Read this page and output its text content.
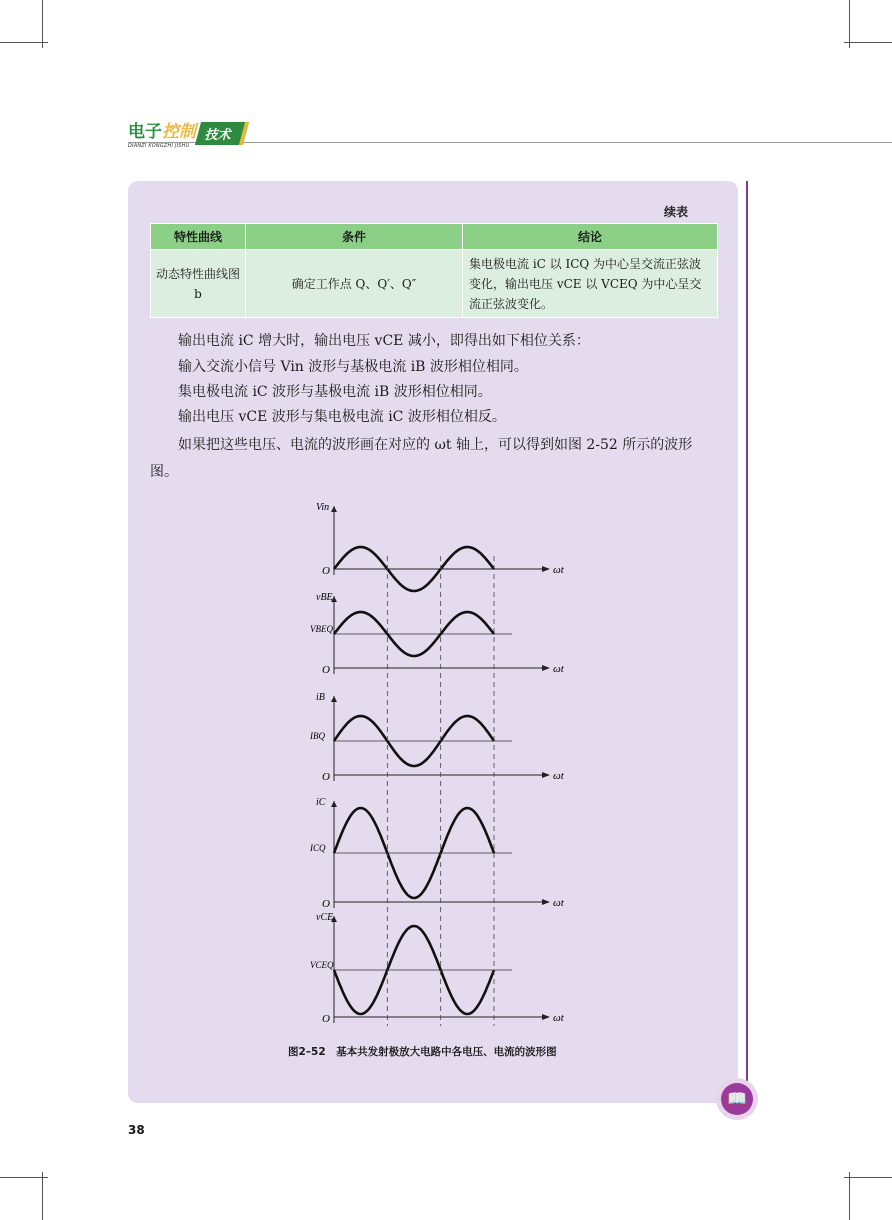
电子控制 技术
DIANZI KONGZHI JISHU
续表
特性曲线	条件	结论
动态特性曲线图 b	确定工作点 Q、Q′、Q″	集电极电流 iC 以 ICQ 为中心呈交流正弦波变化，输出电压 vCE 以 VCEQ 为中心呈交流正弦波变化。
输出电流 iC 增大时，输出电压 vCE 减小，即得出如下相位关系：
输入交流小信号 Vin 波形与基极电流 iB 波形相位相同。
集电极电流 iC 波形与基极电流 iB 波形相位相同。
输出电压 vCE 波形与集电极电流 iC 波形相位相反。
如果把这些电压、电流的波形画在对应的 ωt 轴上，可以得到如图 2-52 所示的波形图。
O	ωt
Vin
O	ωt
vBE
VBEQ
O	ωt
iB
IBQ
O	ωt
iC
ICQ
O	ωt
vCE
VCEQ
图2–52　基本共发射极放大电路中各电压、电流的波形图
38
📖
